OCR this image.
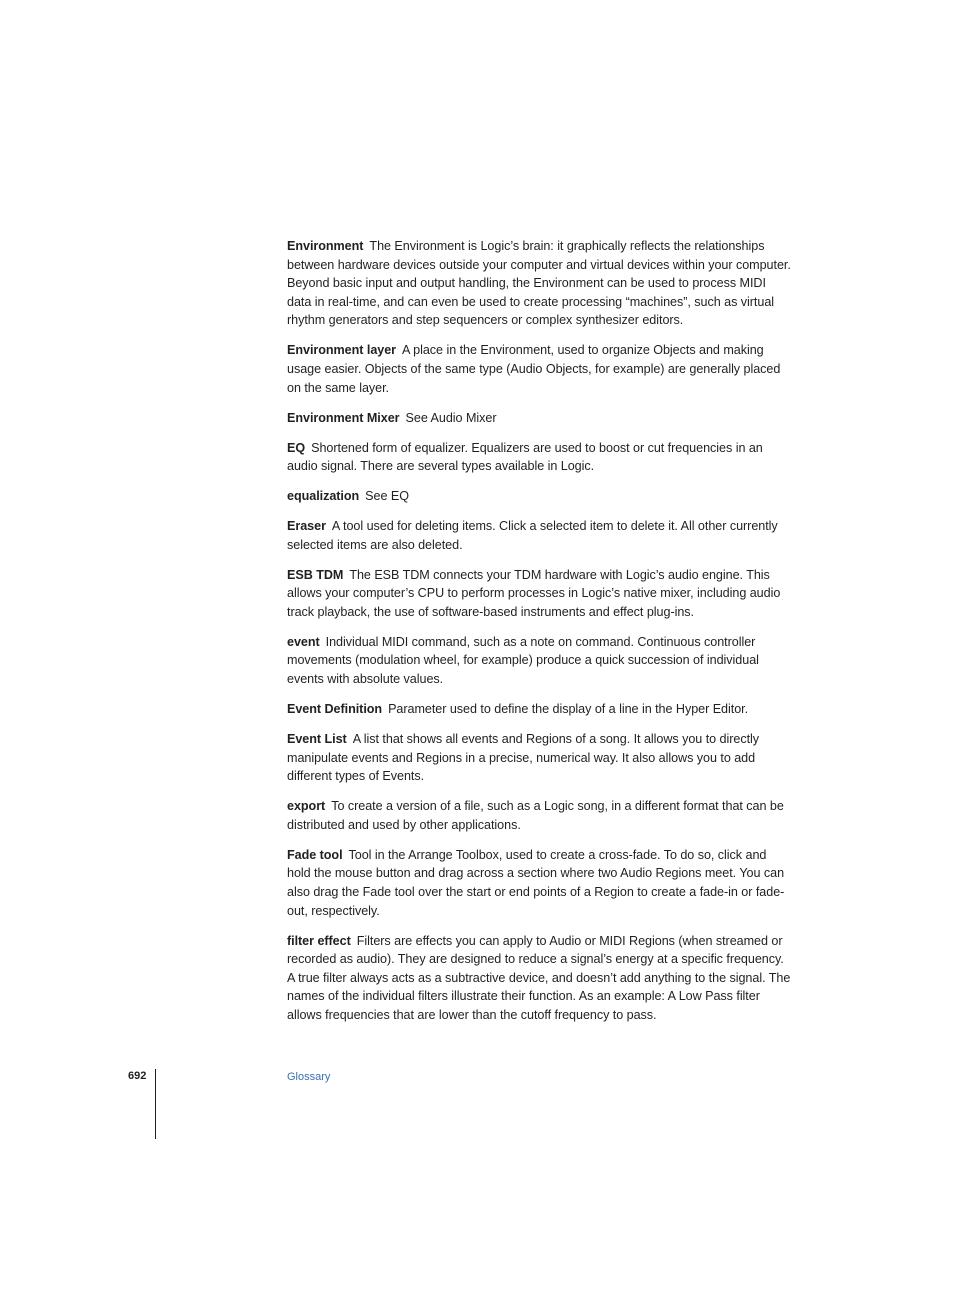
Environment The Environment is Logic’s brain: it graphically reflects the relationships between hardware devices outside your computer and virtual devices within your computer. Beyond basic input and output handling, the Environment can be used to process MIDI data in real-time, and can even be used to create processing “machines”, such as virtual rhythm generators and step sequencers or complex synthesizer editors.

Environment layer A place in the Environment, used to organize Objects and making usage easier. Objects of the same type (Audio Objects, for example) are generally placed on the same layer.

Environment Mixer See Audio Mixer

EQ Shortened form of equalizer. Equalizers are used to boost or cut frequencies in an audio signal. There are several types available in Logic.

equalization See EQ

Eraser A tool used for deleting items. Click a selected item to delete it. All other currently selected items are also deleted.

ESB TDM The ESB TDM connects your TDM hardware with Logic’s audio engine. This allows your computer’s CPU to perform processes in Logic’s native mixer, including audio track playback, the use of software-based instruments and effect plug-ins.

event Individual MIDI command, such as a note on command. Continuous controller movements (modulation wheel, for example) produce a quick succession of individual events with absolute values.

Event Definition Parameter used to define the display of a line in the Hyper Editor.

Event List A list that shows all events and Regions of a song. It allows you to directly manipulate events and Regions in a precise, numerical way. It also allows you to add different types of Events.

export To create a version of a file, such as a Logic song, in a different format that can be distributed and used by other applications.

Fade tool Tool in the Arrange Toolbox, used to create a cross-fade. To do so, click and hold the mouse button and drag across a section where two Audio Regions meet. You can also drag the Fade tool over the start or end points of a Region to create a fade-in or fade-out, respectively.

filter effect Filters are effects you can apply to Audio or MIDI Regions (when streamed or recorded as audio). They are designed to reduce a signal’s energy at a specific frequency. A true filter always acts as a subtractive device, and doesn’t add anything to the signal. The names of the individual filters illustrate their function. As an example: A Low Pass filter allows frequencies that are lower than the cutoff frequency to pass.

692	Glossary
